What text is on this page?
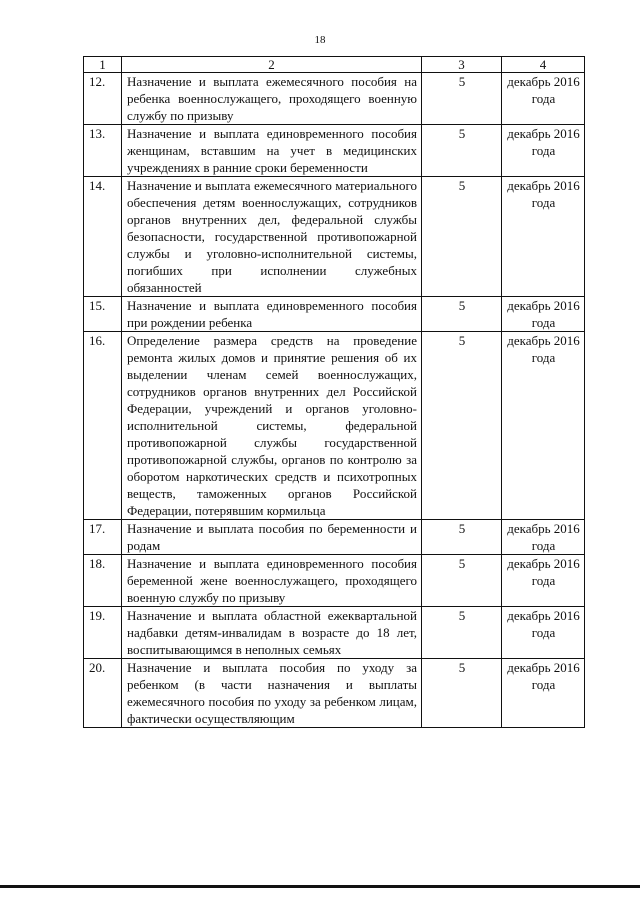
18
1	2	3	4
12.	Назначение и выплата ежемесячного пособия на ребенка военнослужащего, проходящего военную службу по призыву	5	декабрь 2016 года
13.	Назначение и выплата единовременного пособия женщинам, вставшим на учет в медицинских учреждениях в ранние сроки беременности	5	декабрь 2016 года
14.	Назначение и выплата ежемесячного материального обеспечения детям военнослужащих, сотрудников органов внутренних дел, федеральной службы безопасности, государственной противопожарной службы и уголовно-исполнительной системы, погибших при исполнении служебных обязанностей	5	декабрь 2016 года
15.	Назначение и выплата единовременного пособия при рождении ребенка	5	декабрь 2016 года
16.	Определение размера средств на проведение ремонта жилых домов и принятие решения об их выделении членам семей военнослужащих, сотрудников органов внутренних дел Российской Федерации, учреждений и органов уголовно-исполнительной системы, федеральной противопожарной службы государственной противопожарной службы, органов по контролю за оборотом наркотических средств и психотропных веществ, таможенных органов Российской Федерации, потерявшим кормильца	5	декабрь 2016 года
17.	Назначение и выплата пособия по беременности и родам	5	декабрь 2016 года
18.	Назначение и выплата единовременного пособия беременной жене военнослужащего, проходящего военную службу по призыву	5	декабрь 2016 года
19.	Назначение и выплата областной ежеквартальной надбавки детям-инвалидам в возрасте до 18 лет, воспитывающимся в неполных семьях	5	декабрь 2016 года
20.	Назначение и выплата пособия по уходу за ребенком (в части назначения и выплаты ежемесячного пособия по уходу за ребенком лицам, фактически осуществляющим	5	декабрь 2016 года
